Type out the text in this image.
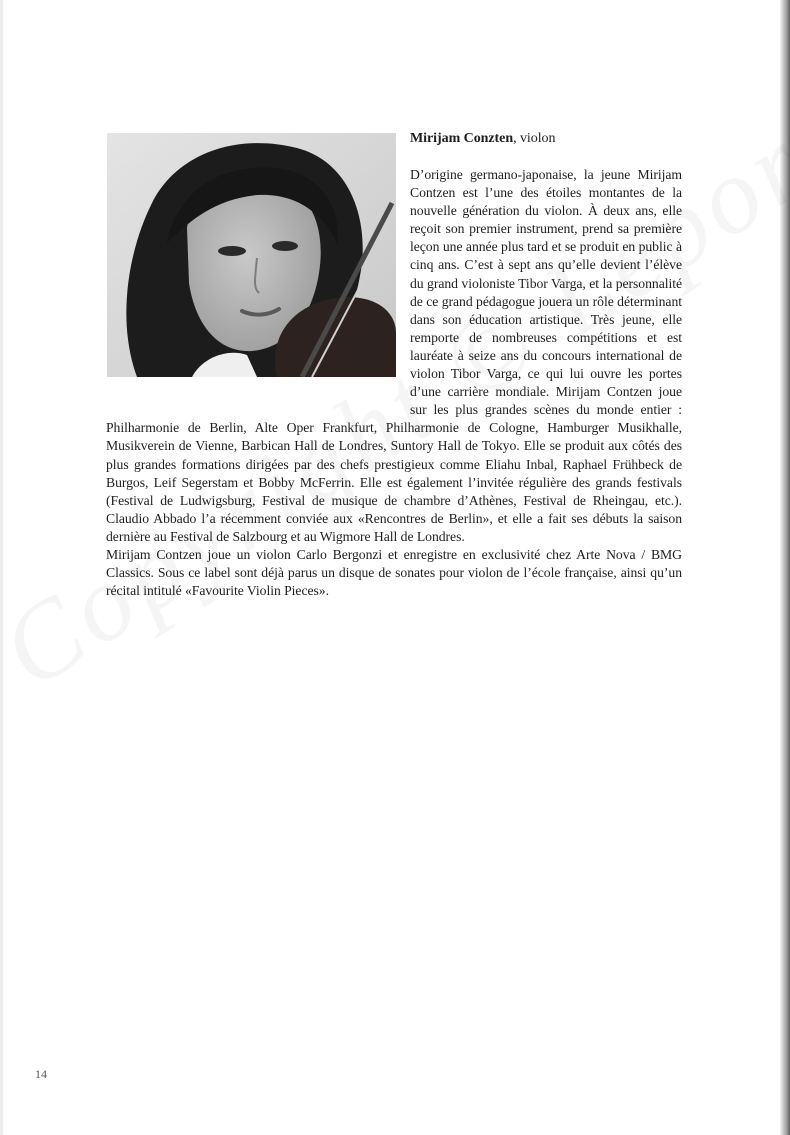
Mirijam Conzten, violon

D’origine germano-japonaise, la jeune Mirijam Contzen est l’une des étoiles montantes de la nouvelle génération du violon. À deux ans, elle reçoit son premier instrument, prend sa première leçon une année plus tard et se produit en public à cinq ans. C’est à sept ans qu’elle devient l’élève du grand violoniste Tibor Varga, et la personnalité de ce grand pédagogue jouera un rôle déterminant dans son éducation artistique. Très jeune, elle remporte de nombreuses compétitions et est lauréate à seize ans du concours international de violon Tibor Varga, ce qui lui ouvre les portes d’une carrière mondiale. Mirijam Contzen joue sur les plus grandes scènes du monde entier : Philharmonie de Berlin, Alte Oper Frankfurt, Philharmonie de Cologne, Hamburger Musikhalle, Musikverein de Vienne, Barbican Hall de Londres, Suntory Hall de Tokyo. Elle se produit aux côtés des plus grandes formations dirigées par des chefs prestigieux comme Eliahu Inbal, Raphael Frühbeck de Burgos, Leif Segerstam et Bobby McFerrin. Elle est également l’invitée régulière des grands festivals (Festival de Ludwigsburg, Festival de musique de chambre d’Athènes, Festival de Rheingau, etc.). Claudio Abbado l’a récemment conviée aux «Rencontres de Berlin», et elle a fait ses débuts la saison dernière au Festival de Salzbourg et au Wigmore Hall de Londres.

Mirijam Contzen joue un violon Carlo Bergonzi et enregistre en exclusivité chez Arte Nova / BMG Classics. Sous ce label sont déjà parus un disque de sonates pour violon de l’école française, ainsi qu’un récital intitulé «Favourite Violin Pieces».

14
